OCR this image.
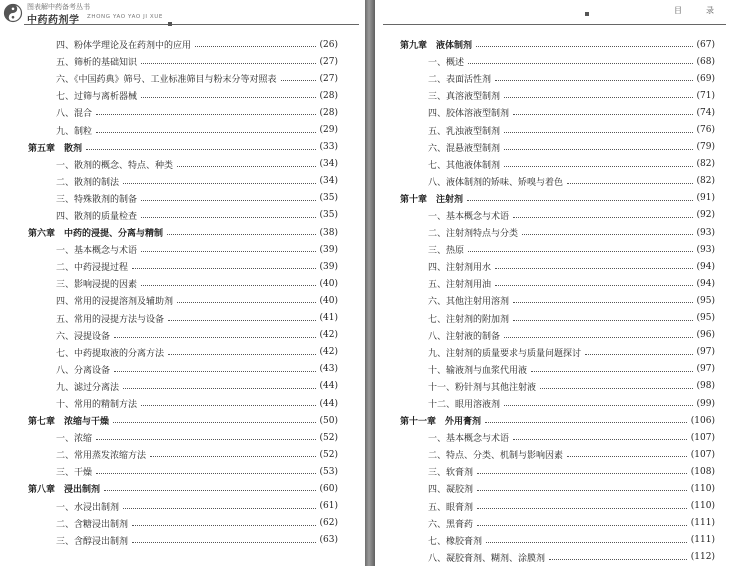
图表解中药备考丛书
中药药剂学 ZHONG YAO YAO JI XUE
四、粉体学理论及在药剂中的应用	(26)
五、筛析的基础知识	(27)
六、《中国药典》筛号、工业标准筛目与粉末分等对照表	(27)
七、过筛与离析器械	(28)
八、混合	(28)
九、制粒	(29)
第五章　散剂	(33)
一、散剂的概念、特点、种类	(34)
二、散剂的制法	(34)
三、特殊散剂的制备	(35)
四、散剂的质量检查	(35)
第六章　中药的浸提、分离与精制	(38)
一、基本概念与术语	(39)
二、中药浸提过程	(39)
三、影响浸提的因素	(40)
四、常用的浸提溶剂及辅助剂	(40)
五、常用的浸提方法与设备	(41)
六、浸提设备	(42)
七、中药提取液的分离方法	(42)
八、分离设备	(43)
九、滤过分离法	(44)
十、常用的精制方法	(44)
第七章　浓缩与干燥	(50)
一、浓缩	(52)
二、常用蒸发浓缩方法	(52)
三、干燥	(53)
第八章　浸出制剂	(60)
一、水浸出制剂	(61)
二、含糖浸出制剂	(62)
三、含醇浸出制剂	(63)
目　录
第九章　液体制剂	(67)
一、概述	(68)
二、表面活性剂	(69)
三、真溶液型制剂	(71)
四、胶体溶液型制剂	(74)
五、乳浊液型制剂	(76)
六、混悬液型制剂	(79)
七、其他液体制剂	(82)
八、液体制剂的矫味、矫嗅与着色	(82)
第十章　注射剂	(91)
一、基本概念与术语	(92)
二、注射剂特点与分类	(93)
三、热原	(93)
四、注射剂用水	(94)
五、注射剂用油	(94)
六、其他注射用溶剂	(95)
七、注射剂的附加剂	(95)
八、注射液的制备	(96)
九、注射剂的质量要求与质量问题探讨	(97)
十、输液剂与血浆代用液	(97)
十一、粉针剂与其他注射液	(98)
十二、眼用溶液剂	(99)
第十一章　外用膏剂	(106)
一、基本概念与术语	(107)
二、特点、分类、机制与影响因素	(107)
三、软膏剂	(108)
四、凝胶剂	(110)
五、眼膏剂	(110)
六、黑膏药	(111)
七、橡胶膏剂	(111)
八、凝胶膏剂、糊剂、涂膜剂	(112)
